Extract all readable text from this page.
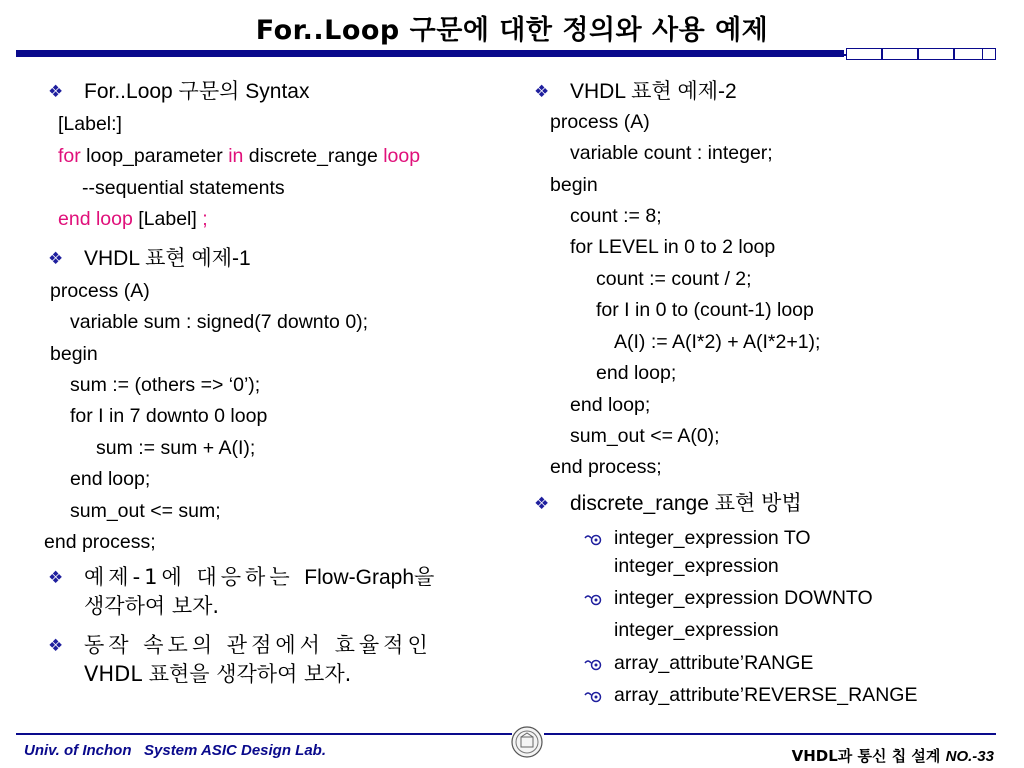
For..Loop 구문에 대한 정의와 사용 예제
❖ For..Loop 구문의 Syntax
[Label:]
for loop_parameter in discrete_range loop
--sequential statements
end loop [Label] ;
❖ VHDL 표현 예제-1
process (A)
variable sum : signed(7 downto 0);
begin
sum := (others => ‘0’);
for I in 7 downto 0 loop
sum := sum + A(I);
end loop;
sum_out <= sum;
end process;
❖ 예제-1에 대응하는 Flow-Graph을
생각하여 보자.
❖ 동작 속도의 관점에서 효율적인
VHDL 표현을 생각하여 보자.
❖ VHDL 표현 예제-2
process (A)
variable count : integer;
begin
count := 8;
for LEVEL in 0 to 2 loop
count := count / 2;
for I in 0 to (count-1) loop
A(I) := A(I*2) + A(I*2+1);
end loop;
end loop;
sum_out <= A(0);
end process;
❖ discrete_range 표현 방법
integer_expression TO
integer_expression
integer_expression DOWNTO
integer_expression
array_attribute’RANGE
array_attribute’REVERSE_RANGE
Univ. of Inchon   System ASIC Design Lab.	VHDL과 통신 칩 설계 NO.-33
